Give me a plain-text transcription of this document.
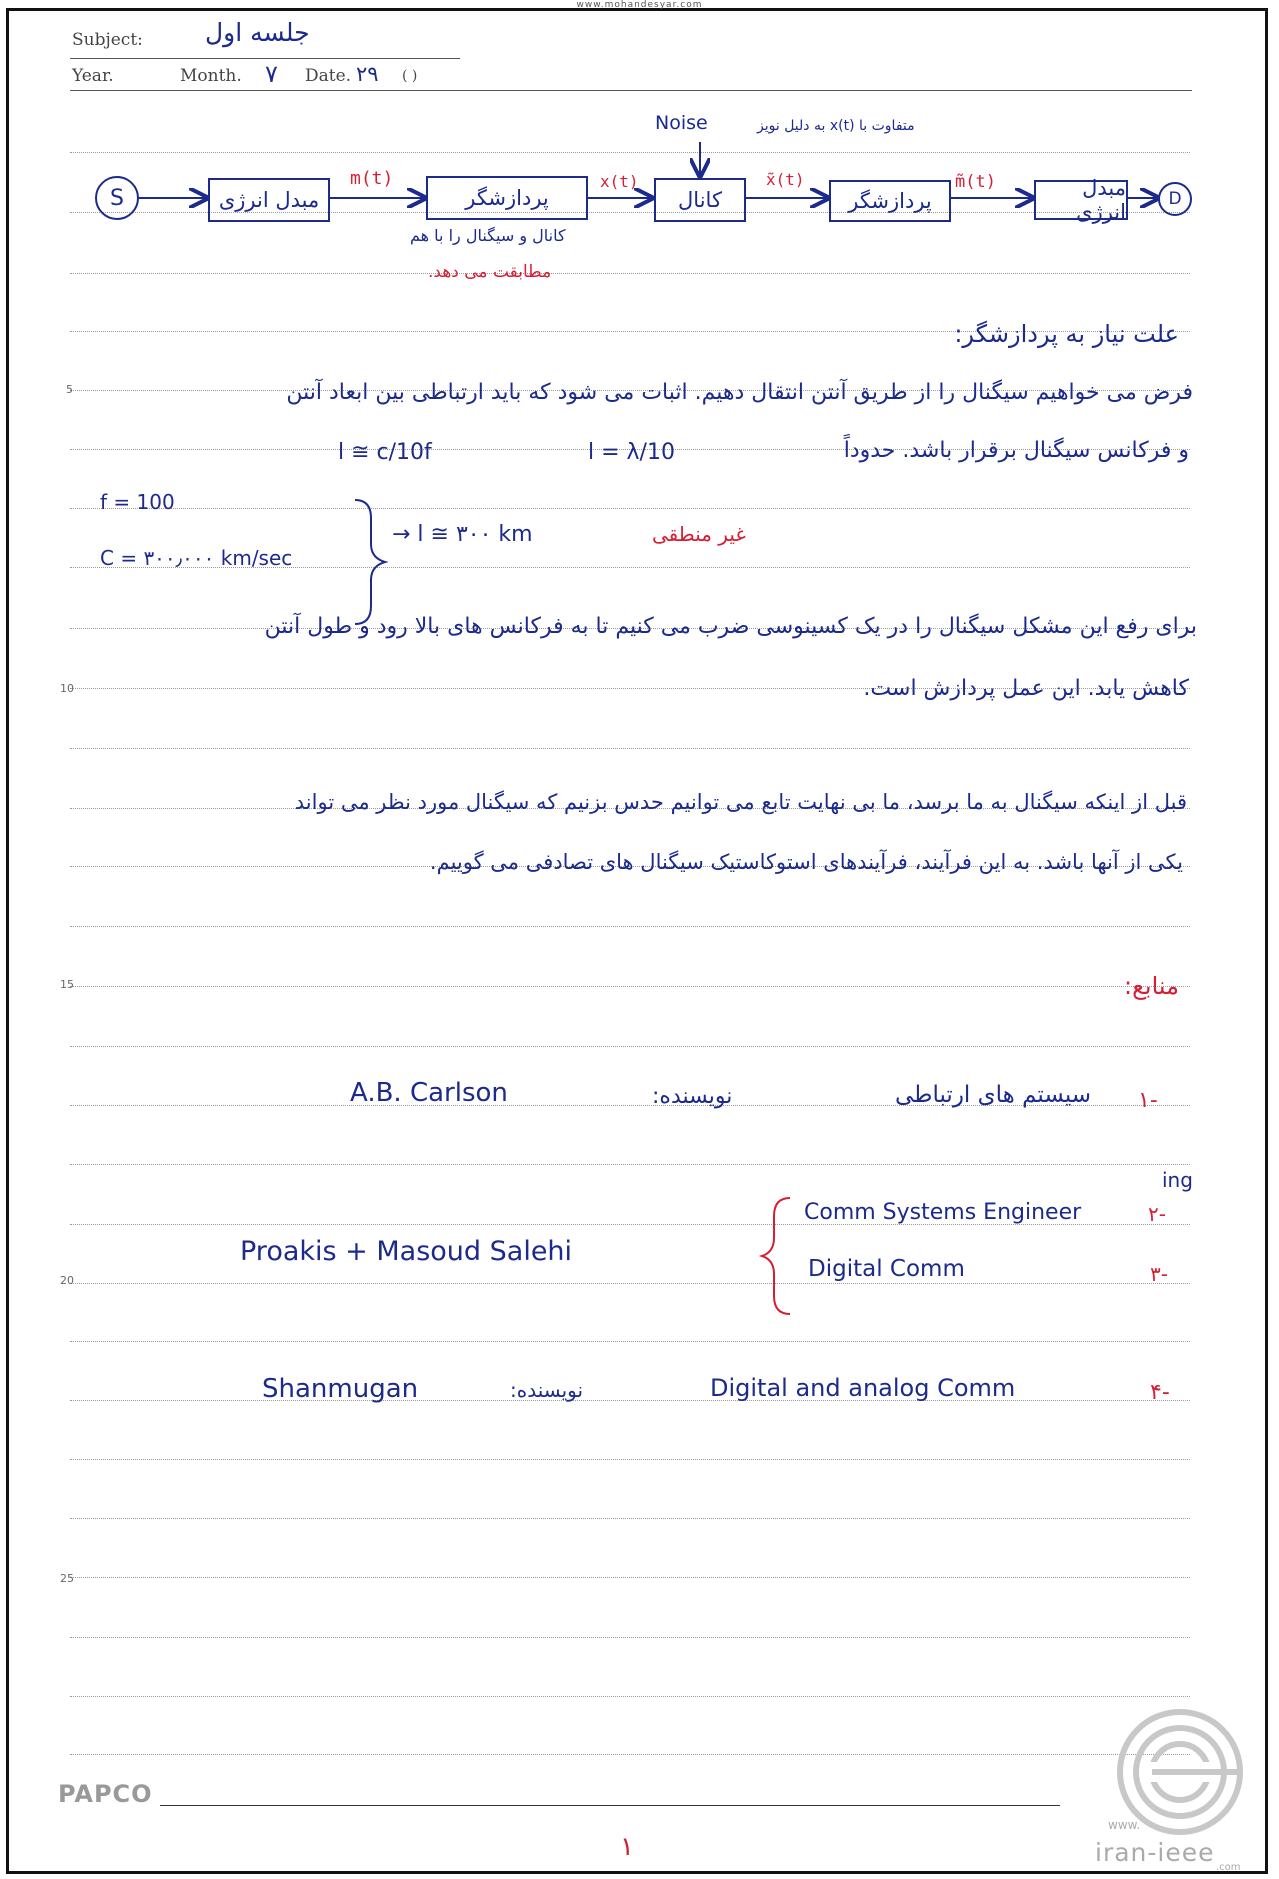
www.mohandesyar.com
Subject: جلسه اول
Year.	Month. ۷ Date. ۲۹ ( )
5
10
15
20
25
S	مبدل انرژی	پردازشگر	کانال	پردازشگر
مبدل انرژی
D
m(t)	x(t)	x̃(t)	m̃(t)
Noise	متفاوت با x(t) به دلیل نویز
کانال و سیگنال را با هم
مطابقت می دهد.
علت نیاز به پردازشگر:
فرض می خواهیم سیگنال را از طریق آنتن انتقال دهیم. اثبات می شود که باید ارتباطی بین ابعاد آنتن
و فرکانس سیگنال برقرار باشد. حدوداً
l = λ/10
l ≅ c/10f
f = 100
C = ۳۰۰٫۰۰۰ km/sec
→ l ≅ ۳۰۰ km	غیر منطقی
برای رفع این مشکل سیگنال را در یک کسینوسی ضرب می کنیم تا به فرکانس های بالا رود و طول آنتن
کاهش یابد. این عمل پردازش است.
قبل از اینکه سیگنال به ما برسد، ما بی نهایت تابع می توانیم حدس بزنیم که سیگنال مورد نظر می تواند
یکی از آنها باشد. به این فرآیند، فرآیندهای استوکاستیک سیگنال های تصادفی می گوییم.
منابع:
۱-
سیستم های ارتباطی
نویسنده:
A.B. Carlson
۲-
Comm Systems Engineer
ing
۳-
Digital Comm
Proakis + Masoud Salehi
۴-
Digital and analog Comm
نویسنده:
Shanmugan
PAPCO
۱
www.
iran-ieee
.com
